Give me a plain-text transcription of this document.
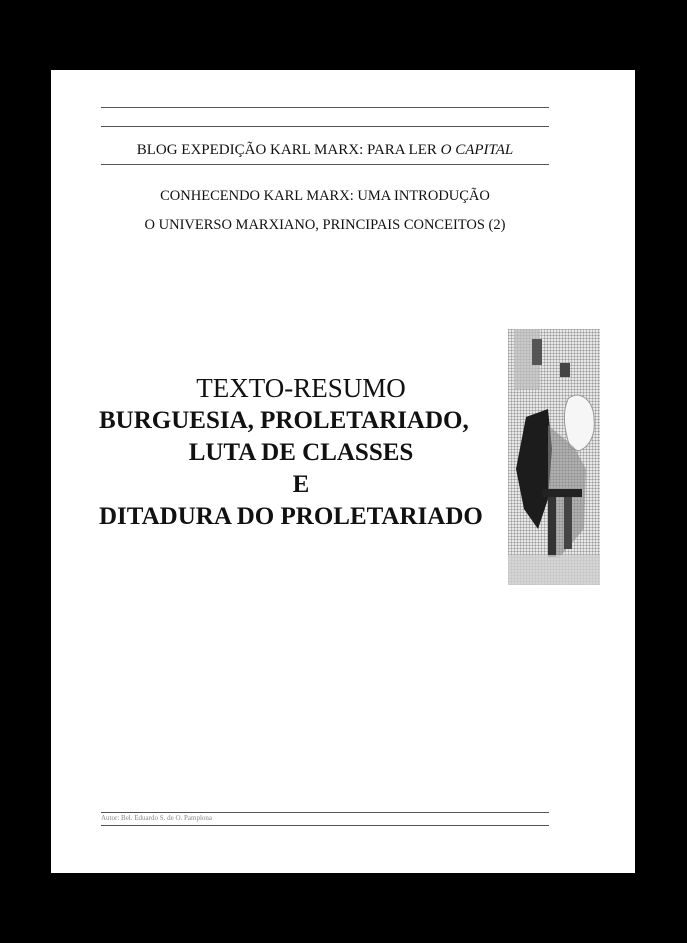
BLOG EXPEDIÇÃO KARL MARX: PARA LER O CAPITAL
CONHECENDO KARL MARX: UMA INTRODUÇÃO
O UNIVERSO MARXIANO, PRINCIPAIS CONCEITOS (2)
TEXTO-RESUMO
BURGUESIA, PROLETARIADO,
LUTA DE CLASSES
E
DITADURA DO PROLETARIADO
Autor: Bel. Eduardo S. de O. Pamplona
